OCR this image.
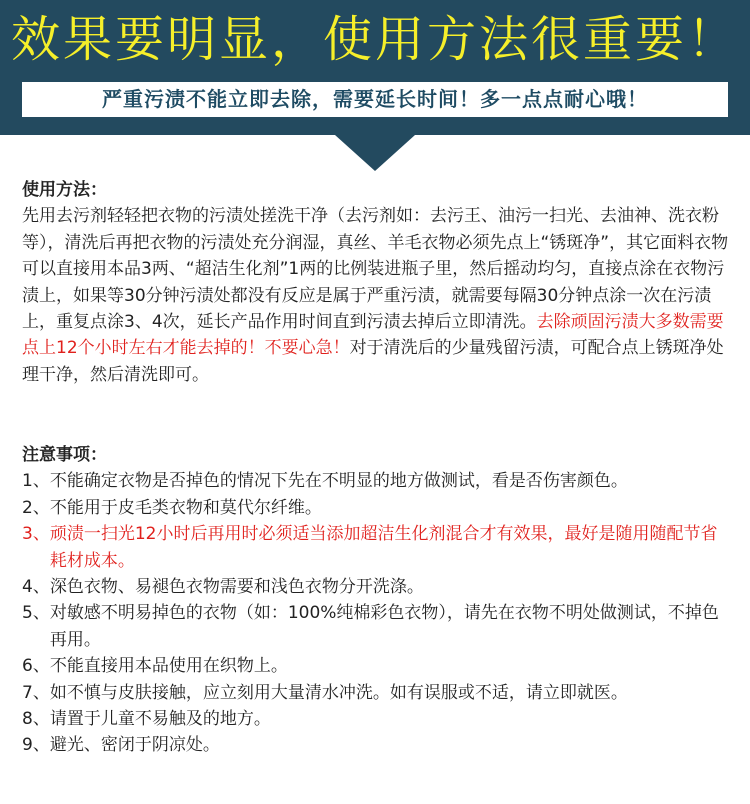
效果要明显，使用方法很重要！
严重污渍不能立即去除，需要延长时间！多一点点耐心哦！
使用方法：

先用去污剂轻轻把衣物的污渍处搓洗干净（去污剂如：去污王、油污一扫光、去油神、洗衣粉等），清洗后再把衣物的污渍处充分润湿，真丝、羊毛衣物必须先点上“锈斑净”，其它面料衣物可以直接用本品3两、“超洁生化剂”1两的比例装进瓶子里，然后摇动均匀，直接点涂在衣物污渍上，如果等30分钟污渍处都没有反应是属于严重污渍，就需要每隔30分钟点涂一次在污渍上，重复点涂3、4次，延长产品作用时间直到污渍去掉后立即清洗。去除顽固污渍大多数需要点上12个小时左右才能去掉的！不要心急！对于清洗后的少量残留污渍，可配合点上锈斑净处理干净，然后清洗即可。

注意事项：
1、 不能确定衣物是否掉色的情况下先在不明显的地方做测试，看是否伤害颜色。
2、 不能用于皮毛类衣物和莫代尔纤维。
3、 顽渍一扫光12小时后再用时必须适当添加超洁生化剂混合才有效果，最好是随用随配节省耗材成本。
4、 深色衣物、易褪色衣物需要和浅色衣物分开洗涤。
5、 对敏感不明易掉色的衣物（如：100%纯棉彩色衣物），请先在衣物不明处做测试，不掉色再用。
6、 不能直接用本品使用在织物上。
7、 如不慎与皮肤接触，应立刻用大量清水冲洗。如有误服或不适，请立即就医。
8、 请置于儿童不易触及的地方。
9、 避光、密闭于阴凉处。
